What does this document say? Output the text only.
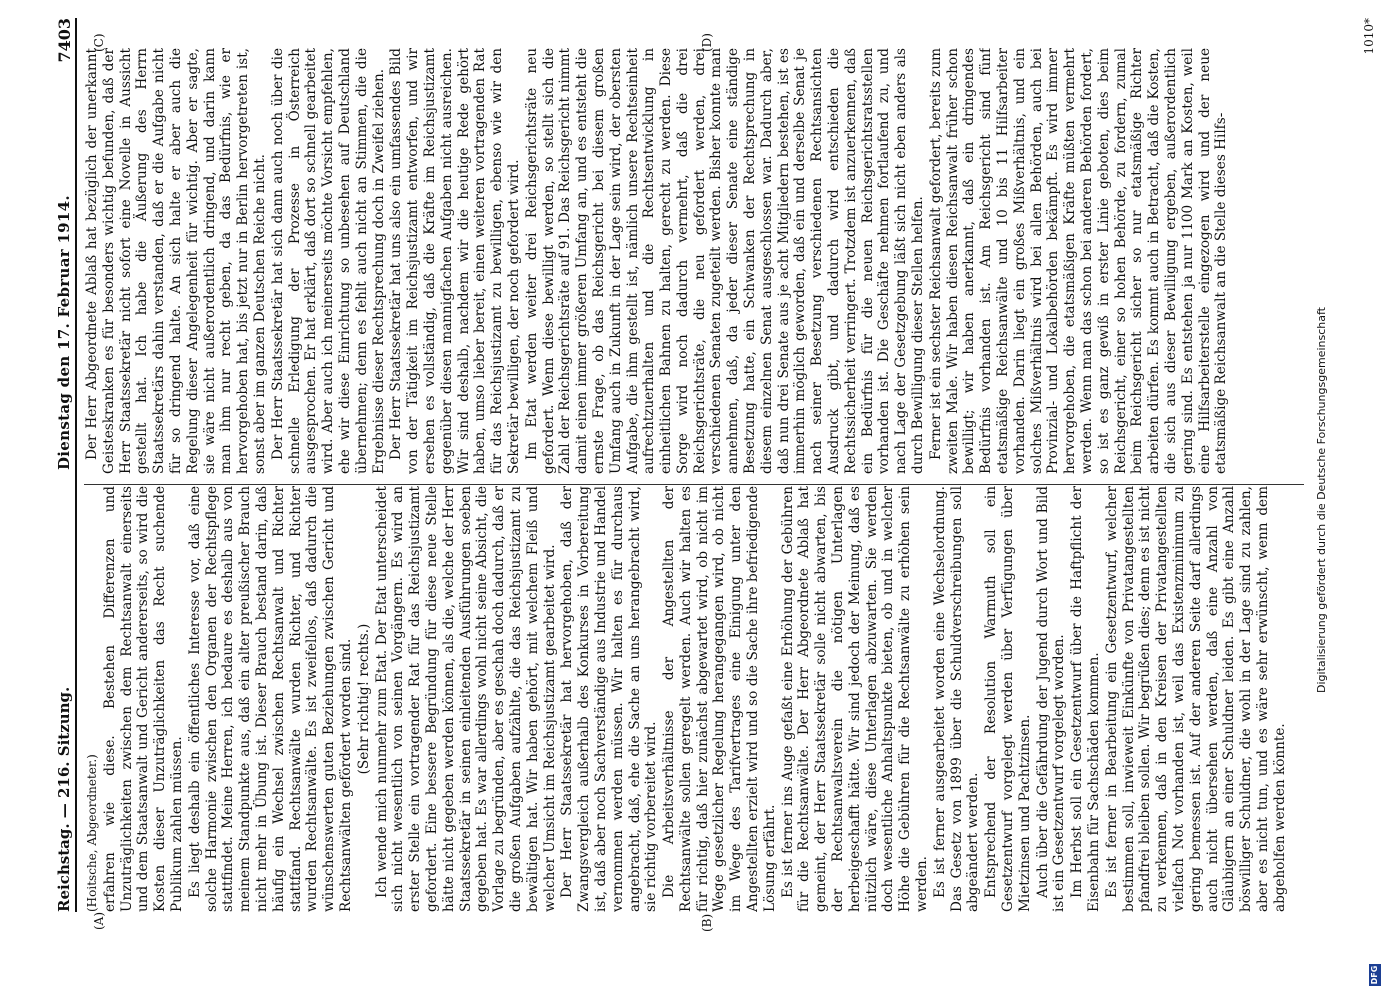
Reichstag. — 216. Sitzung.
Dienstag den 17. Februar 1914.
7403
(A)	(B)
(C)	(D)

(Hoitsche, Abgeordneter.) erfahren wie diese. Bestehen Differenzen und Unzuträglichkeiten zwischen dem Rechtsanwalt einerseits und dem Staatsanwalt und Gericht andererseits, so wird die Kosten dieser Unzuträglichkeiten das Recht suchende Publikum zahlen müssen. Es liegt deshalb ein öffentliches Interesse vor, daß eine solche Harmonie zwischen den Organen der Rechtspflege stattfindet. Meine Herren, ich bedaure es deshalb aus von meinem Standpunkte aus, daß ein alter preußischer Brauch nicht mehr in Übung ist. Dieser Brauch bestand darin, daß häufig ein Wechsel zwischen Rechtsanwalt und Richter stattfand. Rechtsanwälte wurden Richter, und Richter wurden Rechtsanwälte. Es ist zweifellos, daß dadurch die wünschenswerten guten Beziehungen zwischen Gericht und Rechtsanwälten gefördert worden sind. (Sehr richtig! rechts.) Ich wende mich nunmehr zum Etat. Der Etat unterscheidet sich nicht wesentlich von seinen Vorgängern. Es wird an erster Stelle ein vortragender Rat für das Reichsjustizamt gefordert. Eine bessere Begründung für diese neue Stelle hätte nicht gegeben werden können, als die, welche der Herr Staatssekretär in seinen einleitenden Ausführungen soeben gegeben hat. Es war allerdings wohl nicht seine Absicht, die Vorlage zu begründen, aber es geschah doch dadurch, daß er die großen Aufgaben aufzählte, die das Reichsjustizamt zu bewältigen hat. Wir haben gehört, mit welchem Fleiß und welcher Umsicht im Reichsjustizamt gearbeitet wird. Der Herr Staatssekretär hat hervorgehoben, daß der Zwangsvergleich außerhalb des Konkurses in Vorbereitung ist, daß aber noch Sachverständige aus Industrie und Handel vernommen werden müssen. Wir halten es für durchaus angebracht, daß, ehe die Sache an uns herangebracht wird, sie richtig vorbereitet wird. Die Arbeitsverhältnisse der Angestellten der Rechtsanwälte sollen geregelt werden. Auch wir halten es für richtig, daß hier zunächst abgewartet wird, ob nicht im Wege gesetzlicher Regelung herangegangen wird, ob nicht im Wege des Tarifvertrages eine Einigung unter den Angestellten erzielt wird und so die Sache ihre befriedigende Lösung erfährt. Es ist ferner ins Auge gefaßt eine Erhöhung der Gebühren für die Rechtsanwälte. Der Herr Abgeordnete Ablaß hat gemeint, der Herr Staatssekretär solle nicht abwarten, bis der Rechtsanwaltsverein die nötigen Unterlagen herbeigeschafft hätte. Wir sind jedoch der Meinung, daß es nützlich wäre, diese Unterlagen abzuwarten. Sie werden doch wesentliche Anhaltspunkte bieten, ob und in welcher Höhe die Gebühren für die Rechtsanwälte zu erhöhen sein werden. Es ist ferner ausgearbeitet worden eine Wechselordnung. Das Gesetz von 1899 über die Schuldverschreibungen soll abgeändert werden. Entsprechend der Resolution Warmuth soll ein Gesetzentwurf vorgelegt werden über Verfügungen über Mietzinsen und Pachtzinsen. Auch über die Gefährdung der Jugend durch Wort und Bild ist ein Gesetzentwurf vorgelegt worden. Im Herbst soll ein Gesetzentwurf über die Haftpflicht der Eisenbahn für Sachschäden kommen. Es ist ferner in Bearbeitung ein Gesetzentwurf, welcher bestimmen soll, inwieweit Einkünfte von Privatangestellten pfandfrei bleiben sollen. Wir begrüßen dies; denn es ist nicht zu verkennen, daß in den Kreisen der Privatangestellten vielfach Not vorhanden ist, weil das Existenzminimum zu gering bemessen ist. Auf der anderen Seite darf allerdings auch nicht übersehen werden, daß eine Anzahl von Gläubigern an einer Schuldner leiden. Es gibt eine Anzahl böswilliger Schuldner, die wohl in der Lage sind zu zahlen, aber es nicht tun, und es wäre sehr erwünscht, wenn dem abgeholfen werden könnte.

Der Herr Abgeordnete Ablaß hat bezüglich der unerkannt Geisteskranken es für besonders wichtig befunden, daß der Herr Staatssekretär nicht sofort eine Novelle in Aussicht gestellt hat. Ich habe die Äußerung des Herrn Staatssekretärs dahin verstanden, daß er die Aufgabe nicht für so dringend halte. An sich halte er aber auch die Regelung dieser Angelegenheit für wichtig. Aber er sagte, sie wäre nicht außerordentlich dringend, und darin kann man ihm nur recht geben, da das Bedürfnis, wie er hervorgehoben hat, bis jetzt nur in Berlin hervorgetreten ist, sonst aber im ganzen Deutschen Reiche nicht. Der Herr Staatssekretär hat sich dann auch noch über die schnelle Erledigung der Prozesse in Österreich ausgesprochen. Er hat erklärt, daß dort so schnell gearbeitet wird. Aber auch ich meinerseits möchte Vorsicht empfehlen, ehe wir diese Einrichtung so unbesehen auf Deutschland übernehmen; denn es fehlt auch nicht an Stimmen, die die Ergebnisse dieser Rechtsprechung doch in Zweifel ziehen. Der Herr Staatssekretär hat uns also ein umfassendes Bild von der Tätigkeit im Reichsjustizamt entworfen, und wir ersehen es vollständig, daß die Kräfte im Reichsjustizamt gegenüber diesen mannigfachen Aufgaben nicht ausreichen. Wir sind deshalb, nachdem wir die heutige Rede gehört haben, umso lieber bereit, einen weiteren vortragenden Rat für das Reichsjustizamt zu bewilligen, ebenso wie wir den Sekretär bewilligen, der noch gefordert wird. Im Etat werden weiter drei Reichsgerichtsräte neu gefordert. Wenn diese bewilligt werden, so stellt sich die Zahl der Reichsgerichtsräte auf 91. Das Reichsgericht nimmt damit einen immer größeren Umfang an, und es entsteht die ernste Frage, ob das Reichsgericht bei diesem großen Umfang auch in Zukunft in der Lage sein wird, der obersten Aufgabe, die ihm gestellt ist, nämlich unsere Rechtseinheit aufrechtzuerhalten und die Rechtsentwicklung in einheitlichen Bahnen zu halten, gerecht zu werden. Diese Sorge wird noch dadurch vermehrt, daß die drei Reichsgerichtsräte, die neu gefordert werden, drei verschiedenen Senaten zugeteilt werden. Bisher konnte man annehmen, daß, da jeder dieser Senate eine ständige Besetzung hatte, ein Schwanken der Rechtsprechung in diesem einzelnen Senat ausgeschlossen war. Dadurch aber, daß nun drei Senate aus je acht Mitgliedern bestehen, ist es immerhin möglich geworden, daß ein und derselbe Senat je nach seiner Besetzung verschiedenen Rechtsansichten Ausdruck gibt, und dadurch wird entschieden die Rechtssicherheit verringert. Trotzdem ist anzuerkennen, daß ein Bedürfnis für die neuen Reichsgerichtsratsstellen vorhanden ist. Die Geschäfte nehmen fortlaufend zu, und nach Lage der Gesetzgebung läßt sich nicht eben anders als durch Bewilligung dieser Stellen helfen. Ferner ist ein sechster Reichsanwalt gefordert, bereits zum zweiten Male. Wir haben diesen Reichsanwalt früher schon bewilligt; wir haben anerkannt, daß ein dringendes Bedürfnis vorhanden ist. Am Reichsgericht sind fünf etatsmäßige Reichsanwälte und 10 bis 11 Hilfsarbeiter vorhanden. Darin liegt ein großes Mißverhältnis, und ein solches Mißverhältnis wird bei allen Behörden, auch bei Provinzial- und Lokalbehörden bekämpft. Es wird immer hervorgehoben, die etatsmäßigen Kräfte müßten vermehrt werden. Wenn man das schon bei anderen Behörden fordert, so ist es ganz gewiß in erster Linie geboten, dies beim Reichsgericht, einer so hohen Behörde, zu fordern, zumal beim Reichsgericht sicher so nur etatsmäßige Richter arbeiten dürfen. Es kommt auch in Betracht, daß die Kosten, die sich aus dieser Bewilligung ergeben, außerordentlich gering sind. Es entstehen ja nur 1100 Mark an Kosten, weil eine Hilfsarbeiterstelle eingezogen wird und der neue etatsmäßige Reichsanwalt an die Stelle dieses Hilfs-

1010*
Digitalisierung gefördert durch die Deutsche Forschungsgemeinschaft
DFG
